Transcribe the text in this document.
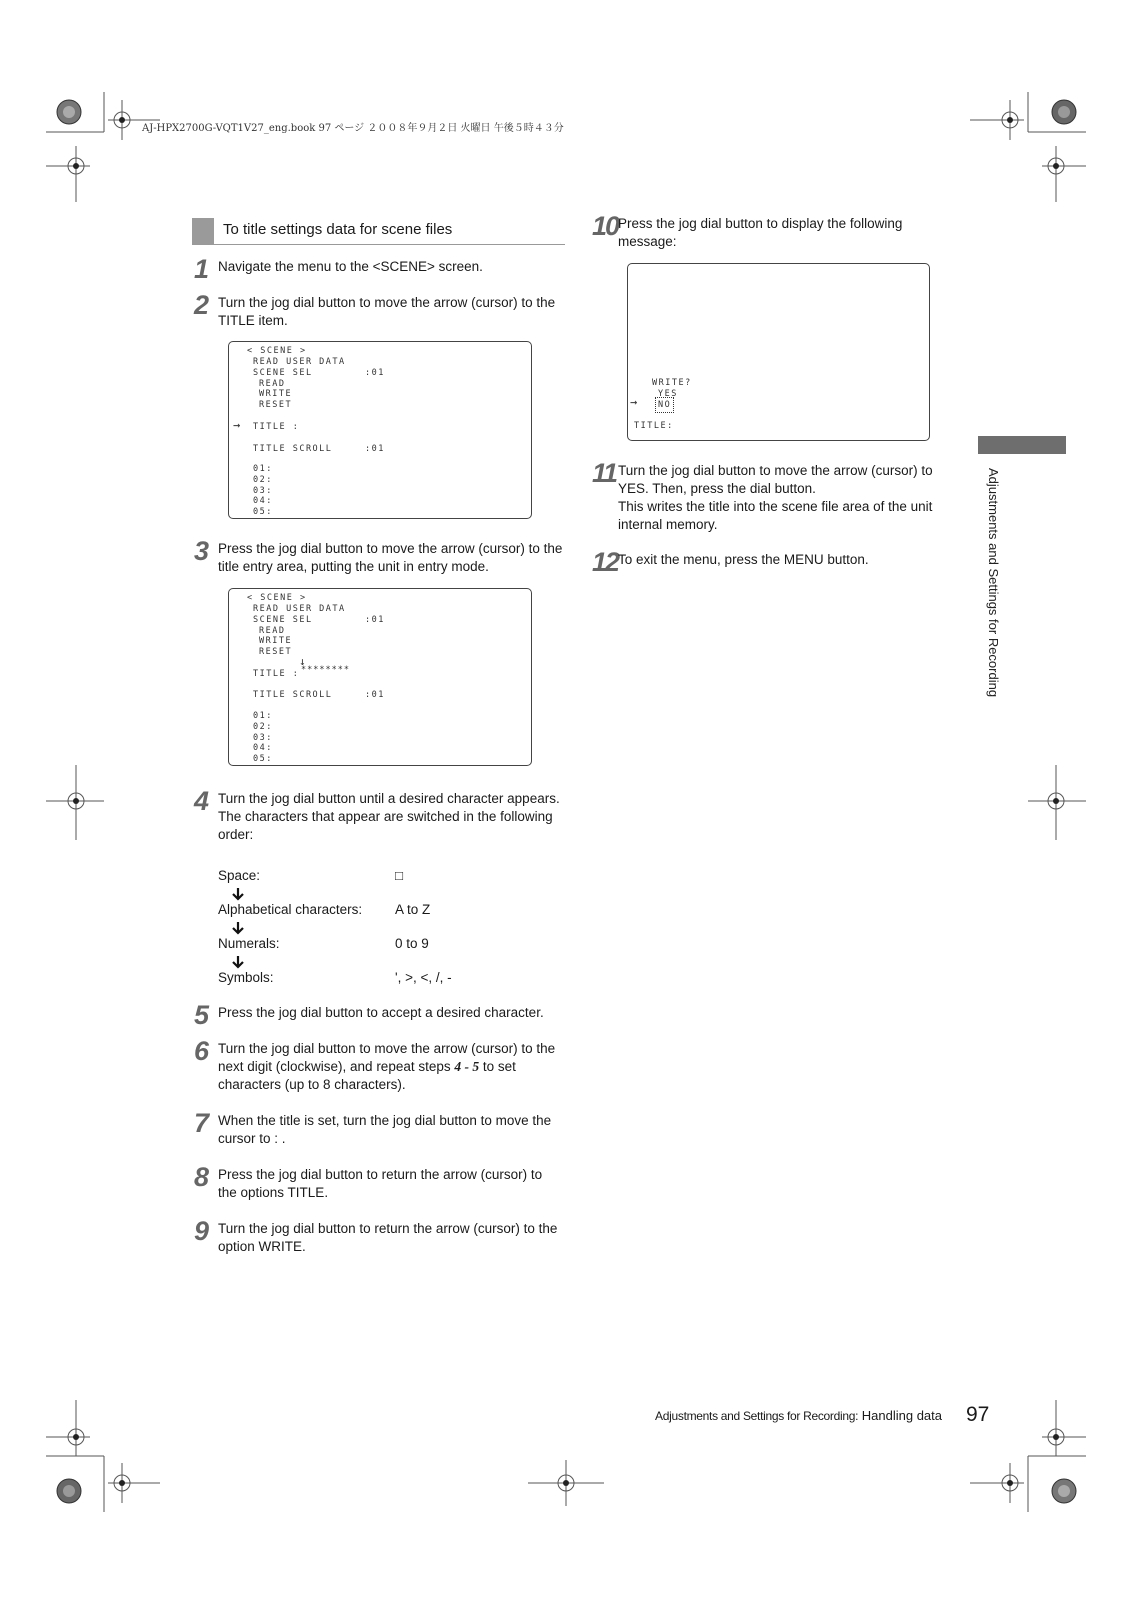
AJ-HPX2700G-VQT1V27_eng.book 97 ページ ２００８年９月２日 火曜日 午後５時４３分
To title settings data for scene files
1 Navigate the menu to the <SCENE> screen.
2 Turn the jog dial button to move the arrow (cursor) to the TITLE item.
< SCENE >
READ USER DATA
SCENE SEL	:01
READ
WRITE
RESET
→ TITLE :
TITLE SCROLL	:01
01:
02:
03:
04:
05:
3 Press the jog dial button to move the arrow (cursor) to the title entry area, putting the unit in entry mode.
< SCENE >
READ USER DATA
SCENE SEL	:01
READ
WRITE
RESET
↓
TITLE : ********
TITLE SCROLL	:01
01:
02:
03:
04:
05:
4 Turn the jog dial button until a desired character appears.
The characters that appear are switched in the following order:
Space:	□
Alphabetical characters: A to Z
Numerals:	0 to 9
Symbols:	', >, <, /, -
5 Press the jog dial button to accept a desired character.
6 Turn the jog dial button to move the arrow (cursor) to the next digit (clockwise), and repeat steps 4 - 5 to set characters (up to 8 characters).
7 When the title is set, turn the jog dial button to move the cursor to : .
8 Press the jog dial button to return the arrow (cursor) to the options TITLE.
9 Turn the jog dial button to return the arrow (cursor) to the option WRITE.
10 Press the jog dial button to display the following message:
WRITE?
YES
→ NO
TITLE:
11 Turn the jog dial button to move the arrow (cursor) to YES. Then, press the dial button.
This writes the title into the scene file area of the unit internal memory.
12 To exit the menu, press the MENU button.	Adjustments and Settings for Recording
Adjustments and Settings for Recording: Handling data 97
